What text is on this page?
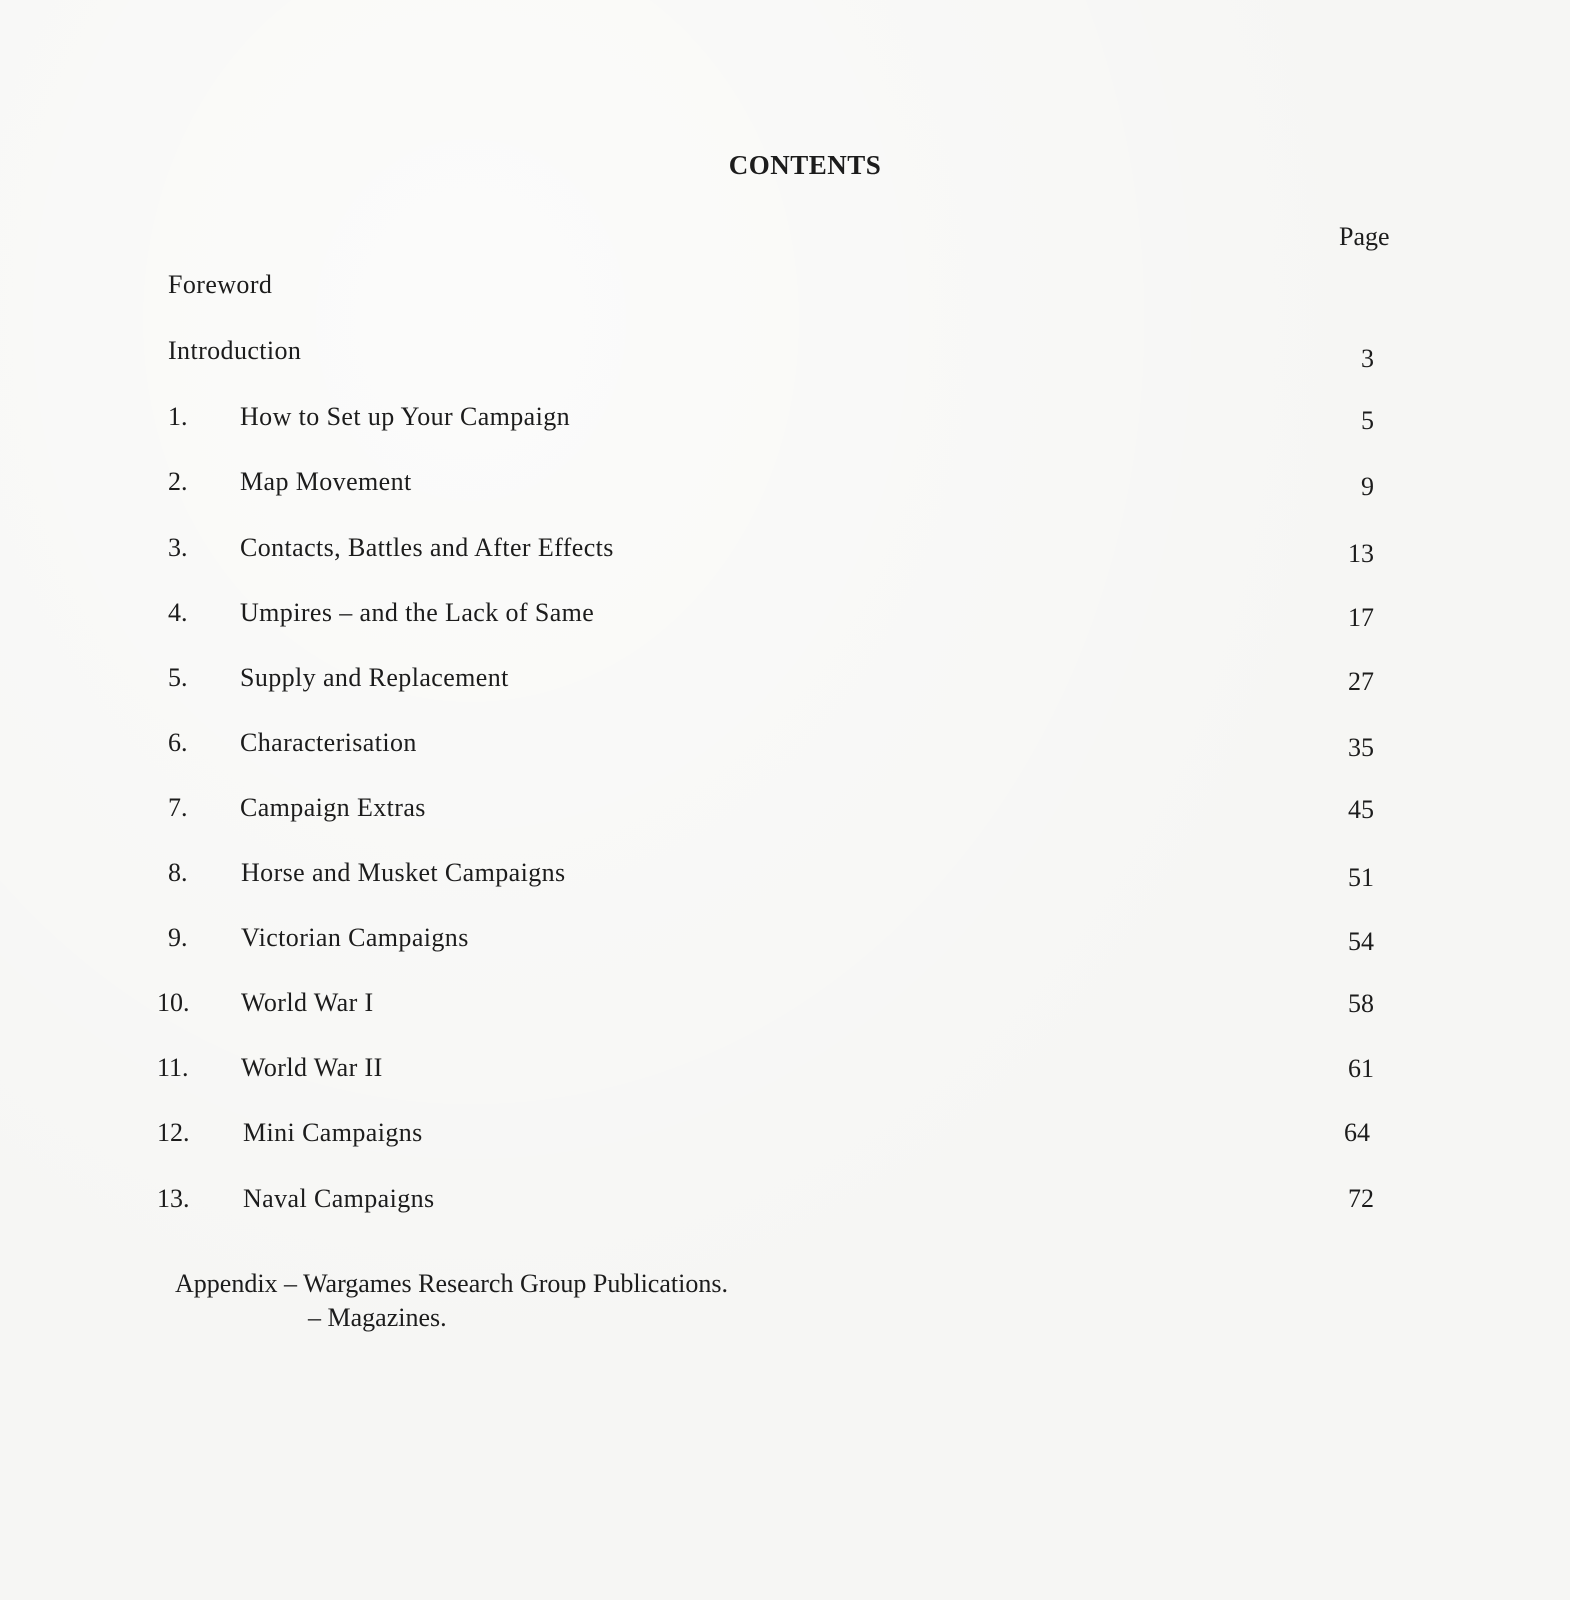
CONTENTS
Page
Foreword
Introduction	3
1. How to Set up Your Campaign	5
2. Map Movement	9
3. Contacts, Battles and After Effects	13
4. Umpires – and the Lack of Same	17
5. Supply and Replacement	27
6. Characterisation	35
7. Campaign Extras	45
8. Horse and Musket Campaigns	51
9. Victorian Campaigns	54
10. World War I	58
11. World War II	61
12. Mini Campaigns	64
13. Naval Campaigns	72
Appendix – Wargames Research Group Publications.
– Magazines.
